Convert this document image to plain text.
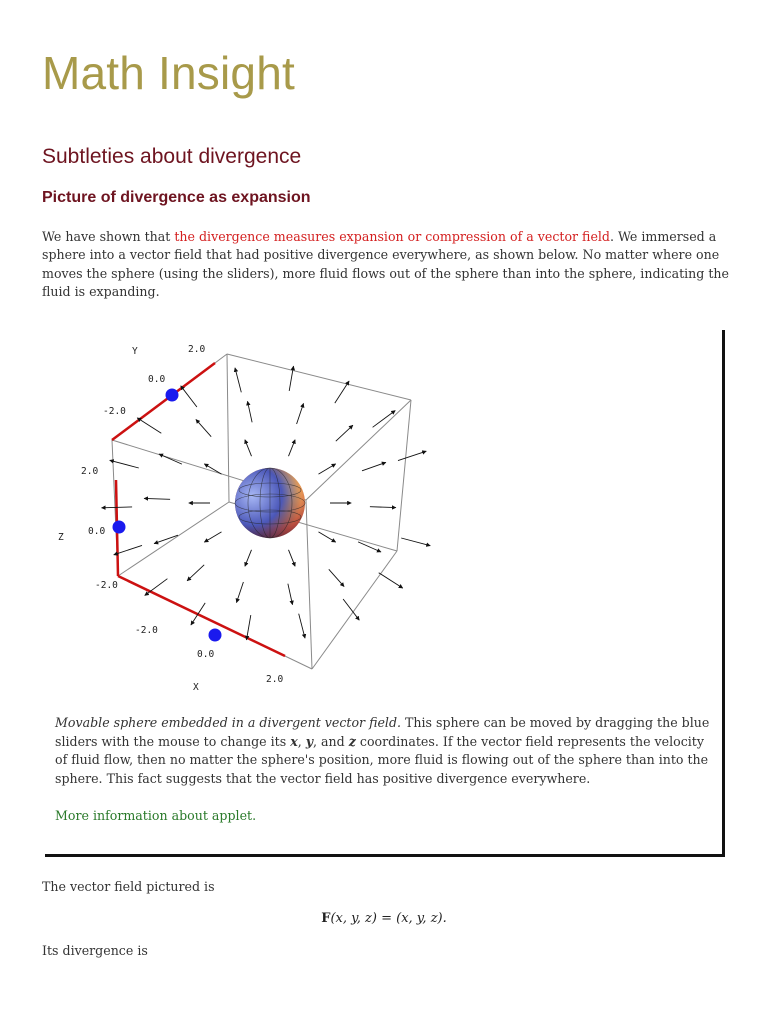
Math Insight
Subtleties about divergence
Picture of divergence as expansion

We have shown that the divergence measures expansion or compression of a vector field. We immersed a sphere into a vector field that had positive divergence everywhere, as shown below. No matter where one moves the sphere (using the sliders), more fluid flows out of the sphere than into the sphere, indicating the fluid is expanding.

Y	2.0
0.0
-2.0
2.0
0.0
Z
-2.0
-2.0
0.0
X
2.0

Movable sphere embedded in a divergent vector field. This sphere can be moved by dragging the blue sliders with the mouse to change its x, y, and z coordinates. If the vector field represents the velocity of fluid flow, then no matter the sphere's position, more fluid is flowing out of the sphere than into the sphere. This fact suggests that the vector field has positive divergence everywhere.

More information about applet.

The vector field pictured is

F(x, y, z) = (x, y, z).

Its divergence is
